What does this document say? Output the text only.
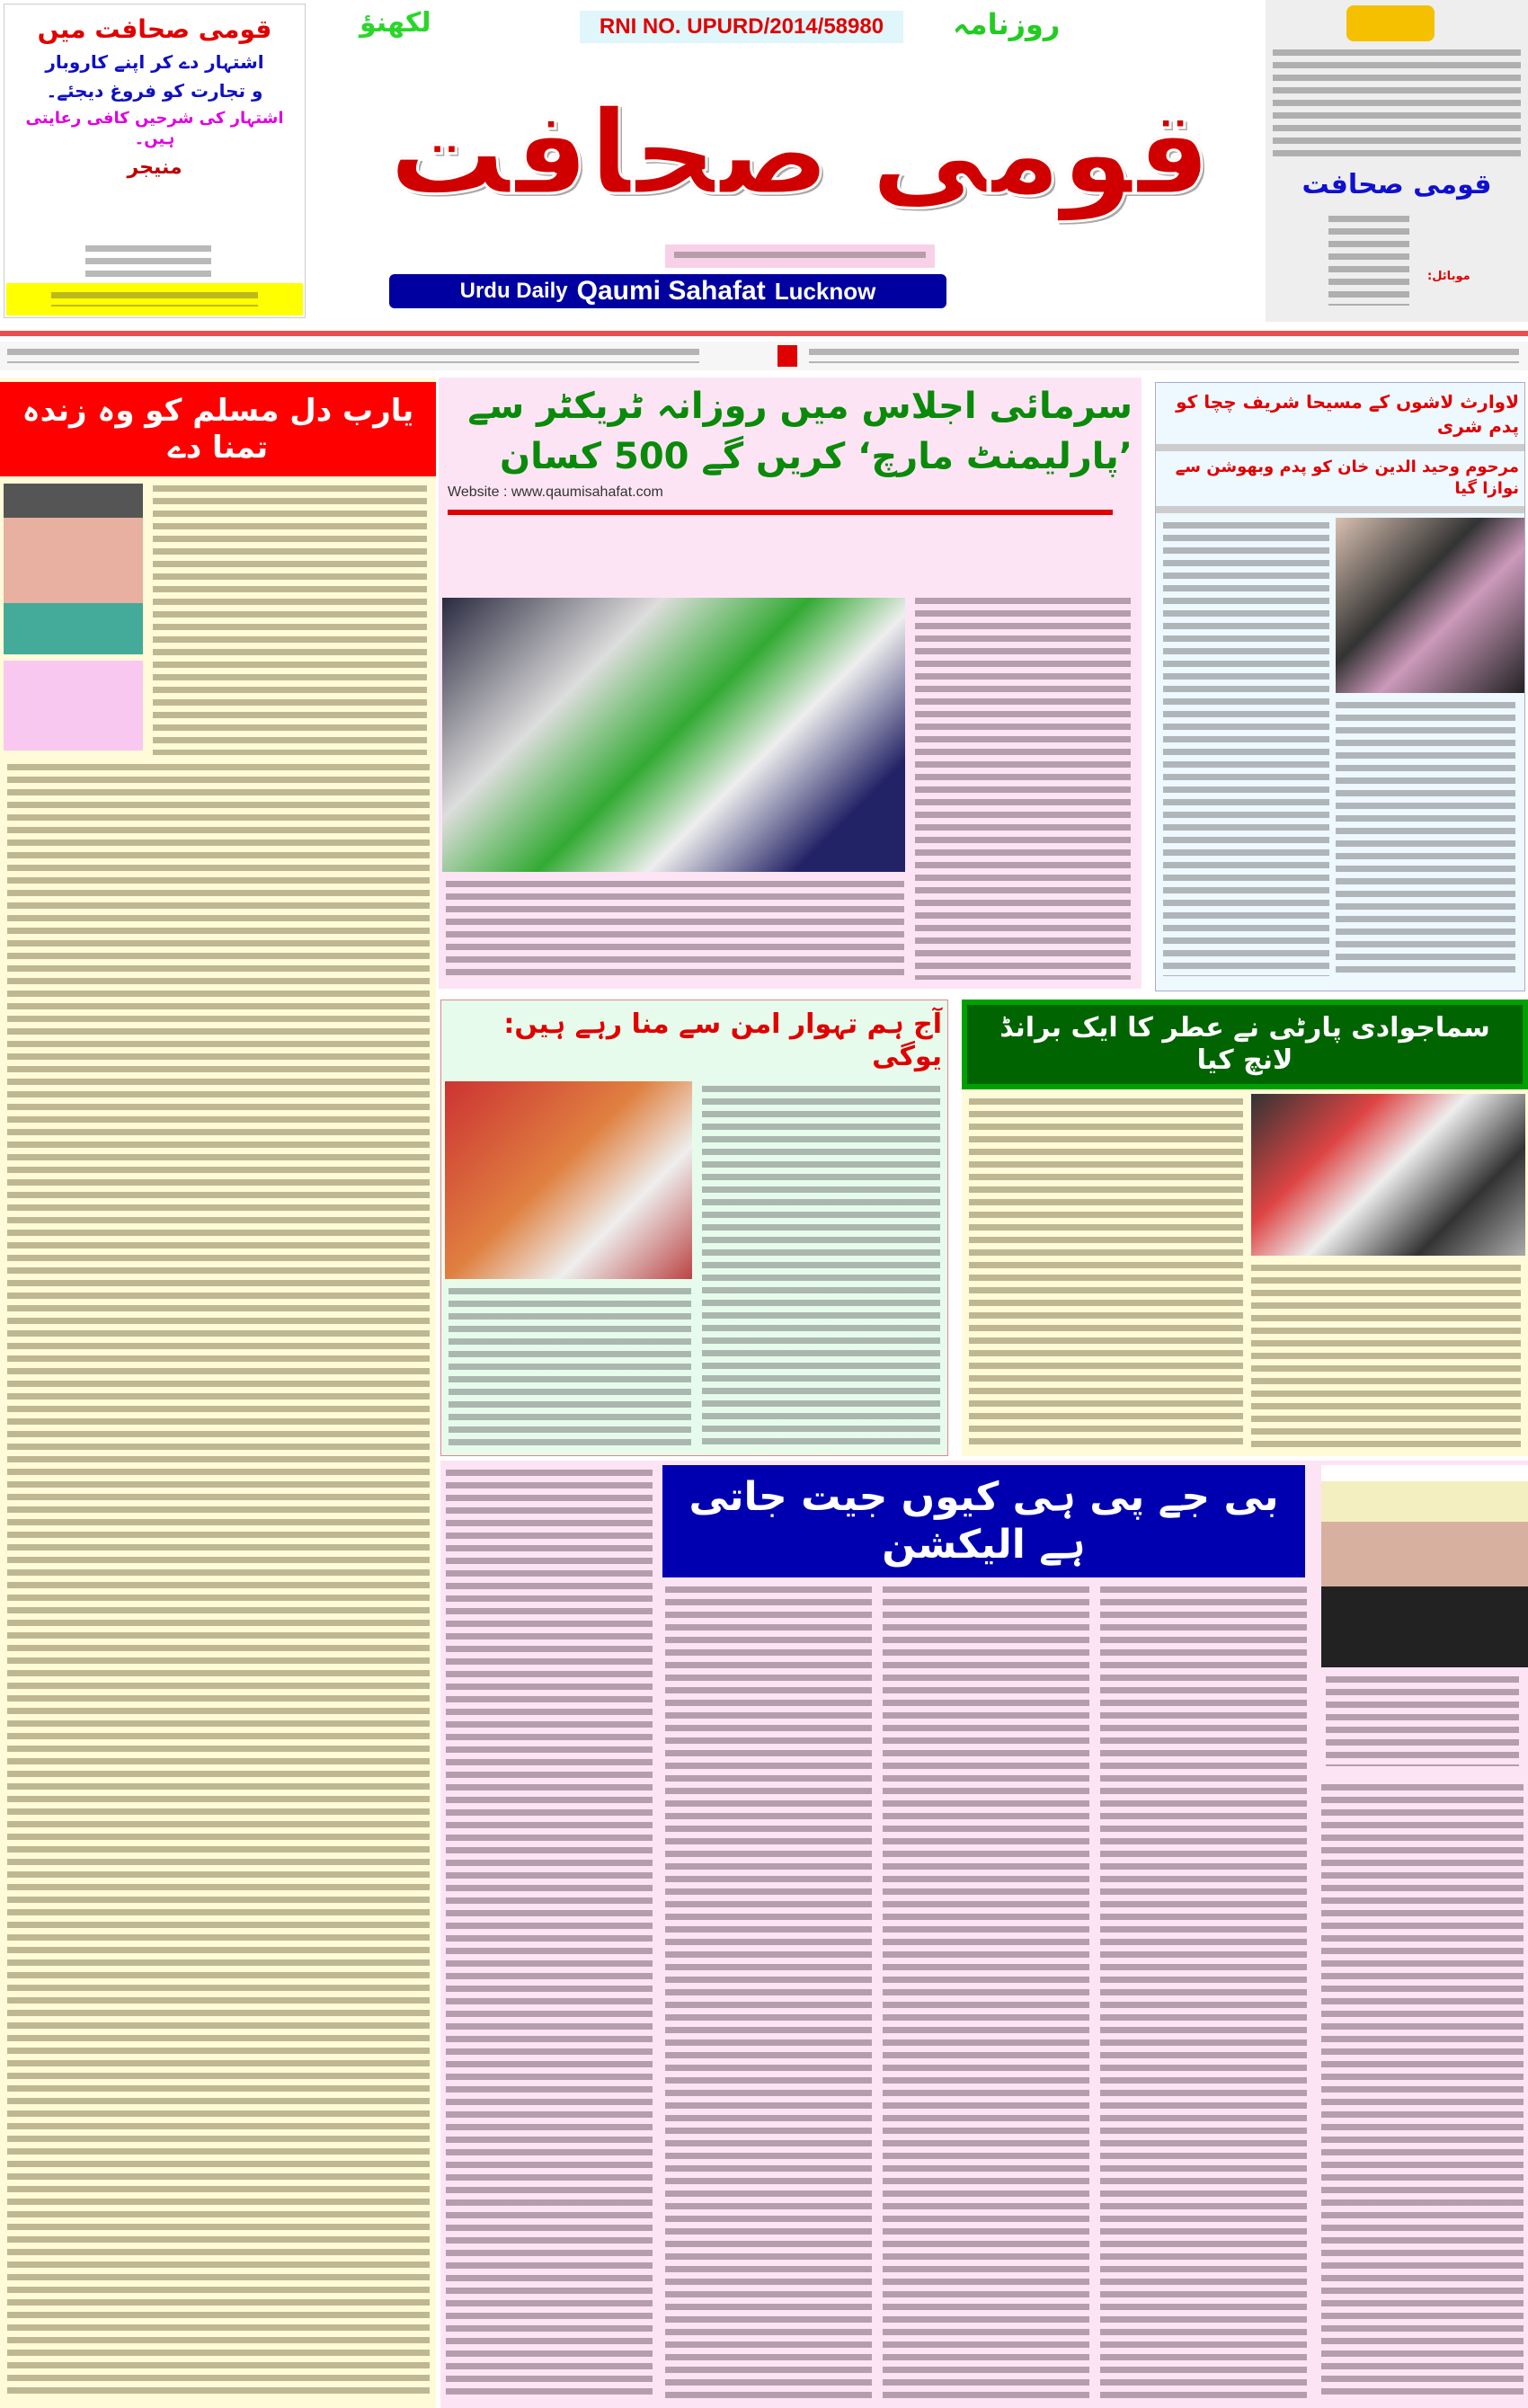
قومی صحافت میں
اشتہار دے کر اپنے کاروبار
و تجارت کو فروغ دیجئے۔
اشتہار کی شرحیں کافی رعایتی ہیں۔
منیجر
لکھنؤ	RNI NO. UPURD/2014/58980	روزنامہ
قومی صحافت
Urdu Daily Qaumi Sahafat Lucknow
قومی صحافت
موبائل:
یارب دل مسلم کو وہ زندہ تمنا دے
سرمائی اجلاس میں روزانہ ٹریکٹر سے
’پارلیمنٹ مارچ‘ کریں گے 500 کسان
Website : www.qaumisahafat.com
لاوارث لاشوں کے مسیحا شریف چچا کو پدم شری
مرحوم وحید الدین خان کو پدم وبھوشن سے نوازا گیا
آج ہم تہوار امن سے منا رہے ہیں: یوگی
سماجوادی پارٹی نے عطر کا ایک برانڈ لانچ کیا
بی جے پی ہی کیوں جیت جاتی ہے الیکشن
